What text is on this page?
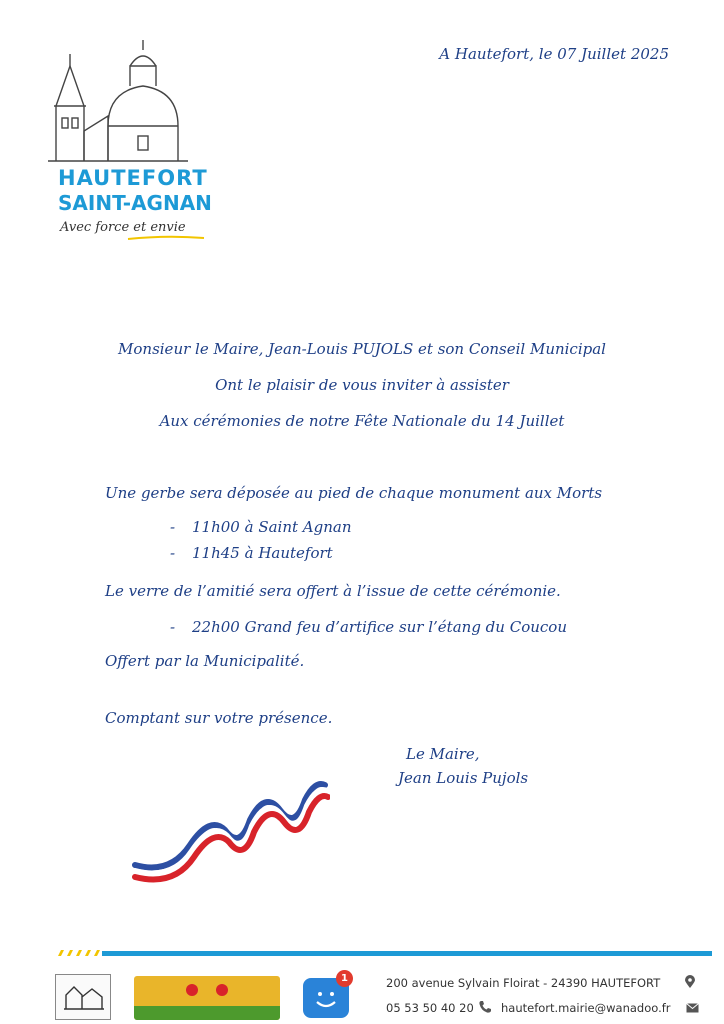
HAUTEFORT
SAINT-AGNAN
Avec force et envie
A Hautefort, le 07 Juillet 2025
Monsieur le Maire, Jean-Louis PUJOLS et son Conseil Municipal
Ont le plaisir de vous inviter à assister
Aux cérémonies de notre Fête Nationale du 14 Juillet
Une gerbe sera déposée au pied de chaque monument aux Morts
- 11h00 à Saint Agnan
- 11h45 à Hautefort
Le verre de l’amitié sera offert à l’issue de cette cérémonie.
- 22h00 Grand feu d’artifice sur l’étang du Coucou
Offert par la Municipalité.
Comptant sur votre présence.
Le Maire,
Jean Louis Pujols
1	200 avenue Sylvain Floirat - 24390 HAUTEFORT
05 53 50 40 20 hautefort.mairie@wanadoo.fr
